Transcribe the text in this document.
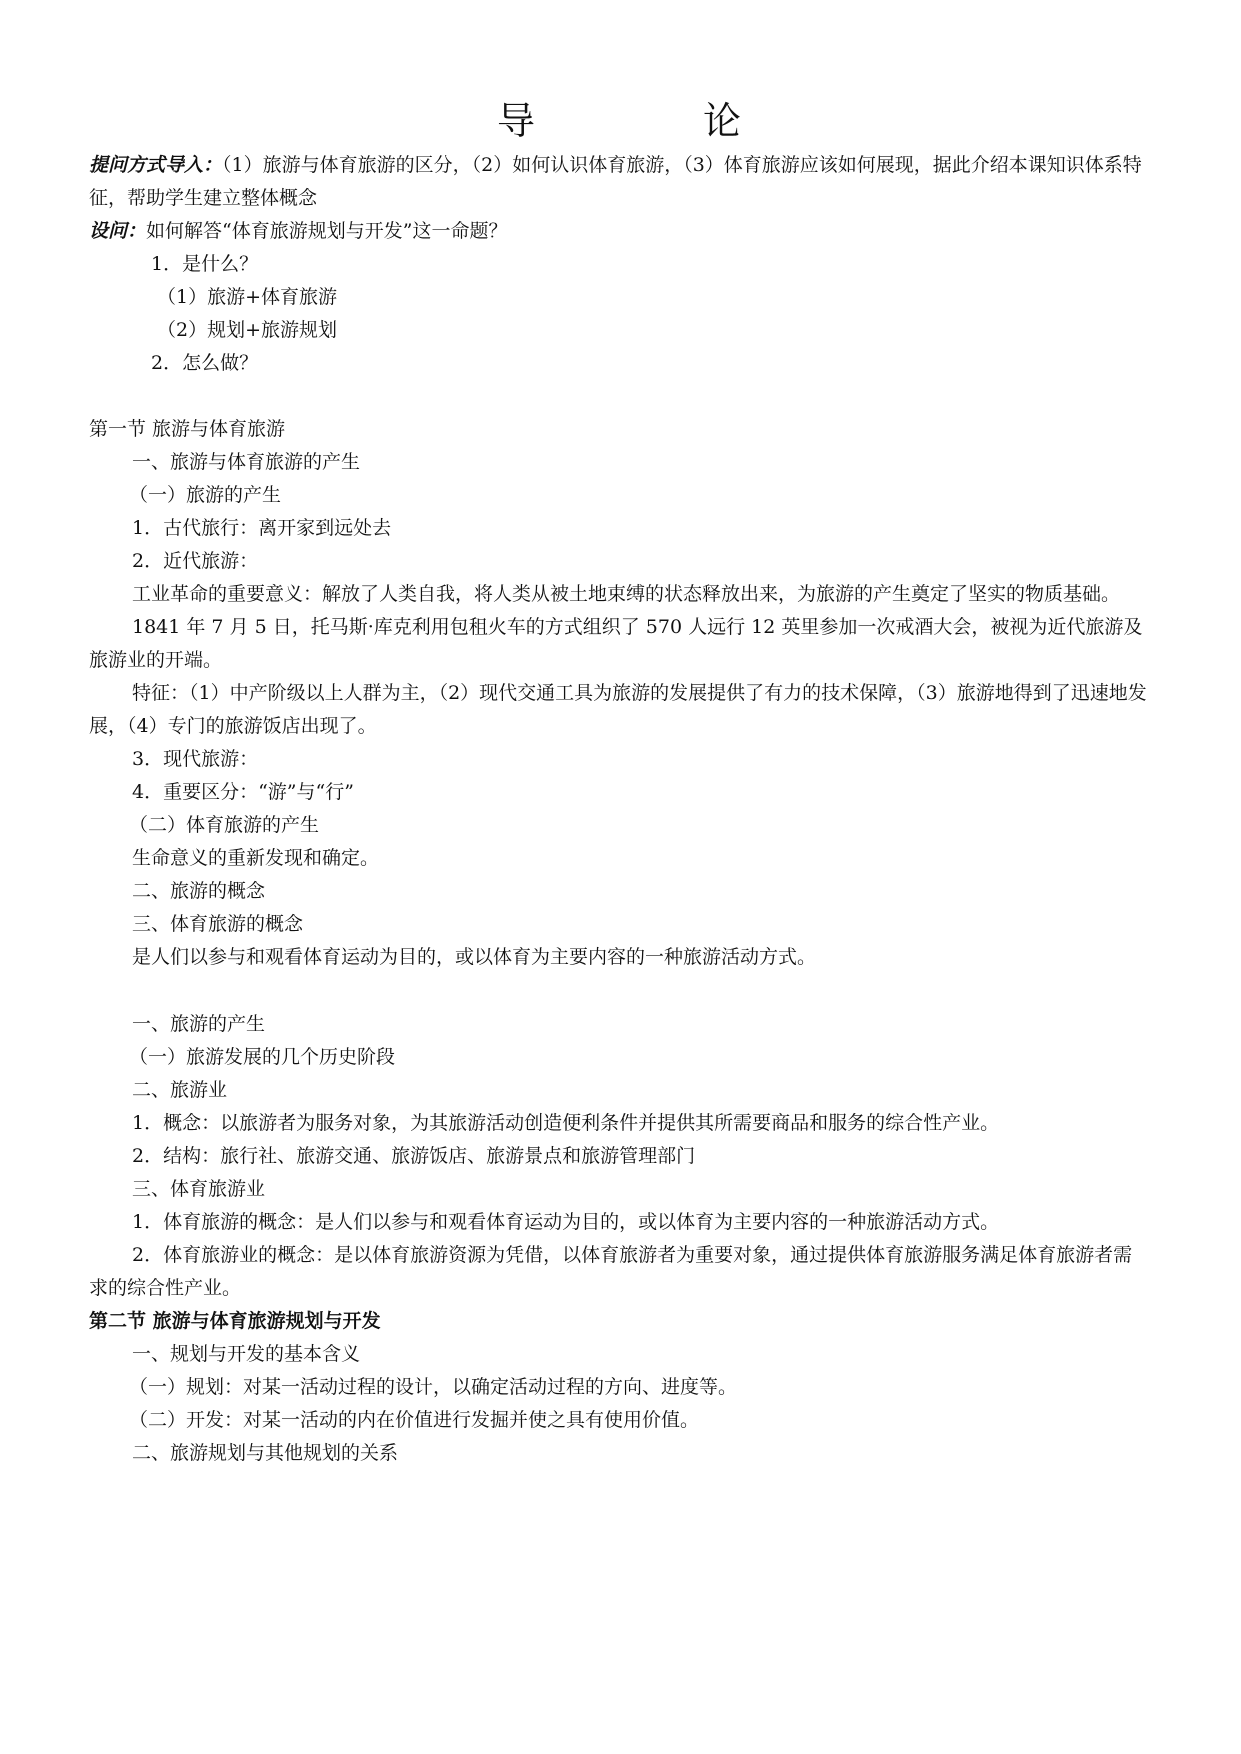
导 论
提问方式导入：（1）旅游与体育旅游的区分，（2）如何认识体育旅游，（3）体育旅游应该如何展现，据此介绍本课知识体系特征，帮助学生建立整体概念
设问：如何解答“体育旅游规划与开发”这一命题？
1．是什么？
（1）旅游+体育旅游
（2）规划+旅游规划
2．怎么做？
第一节 旅游与体育旅游
一、旅游与体育旅游的产生
（一）旅游的产生
1．古代旅行：离开家到远处去
2．近代旅游：
工业革命的重要意义：解放了人类自我，将人类从被土地束缚的状态释放出来，为旅游的产生奠定了坚实的物质基础。
1841 年 7 月 5 日，托马斯·库克利用包租火车的方式组织了 570 人远行 12 英里参加一次戒酒大会，被视为近代旅游及旅游业的开端。
特征：（1）中产阶级以上人群为主，（2）现代交通工具为旅游的发展提供了有力的技术保障，（3）旅游地得到了迅速地发展，（4）专门的旅游饭店出现了。
3．现代旅游：
4．重要区分：“游”与“行”
（二）体育旅游的产生
生命意义的重新发现和确定。
二、旅游的概念
三、体育旅游的概念
是人们以参与和观看体育运动为目的，或以体育为主要内容的一种旅游活动方式。
一、旅游的产生
（一）旅游发展的几个历史阶段
二、旅游业
1．概念：以旅游者为服务对象，为其旅游活动创造便利条件并提供其所需要商品和服务的综合性产业。
2．结构：旅行社、旅游交通、旅游饭店、旅游景点和旅游管理部门
三、体育旅游业
1．体育旅游的概念：是人们以参与和观看体育运动为目的，或以体育为主要内容的一种旅游活动方式。
2．体育旅游业的概念：是以体育旅游资源为凭借，以体育旅游者为重要对象，通过提供体育旅游服务满足体育旅游者需求的综合性产业。
第二节 旅游与体育旅游规划与开发
一、规划与开发的基本含义
（一）规划：对某一活动过程的设计，以确定活动过程的方向、进度等。
（二）开发：对某一活动的内在价值进行发掘并使之具有使用价值。
二、旅游规划与其他规划的关系
